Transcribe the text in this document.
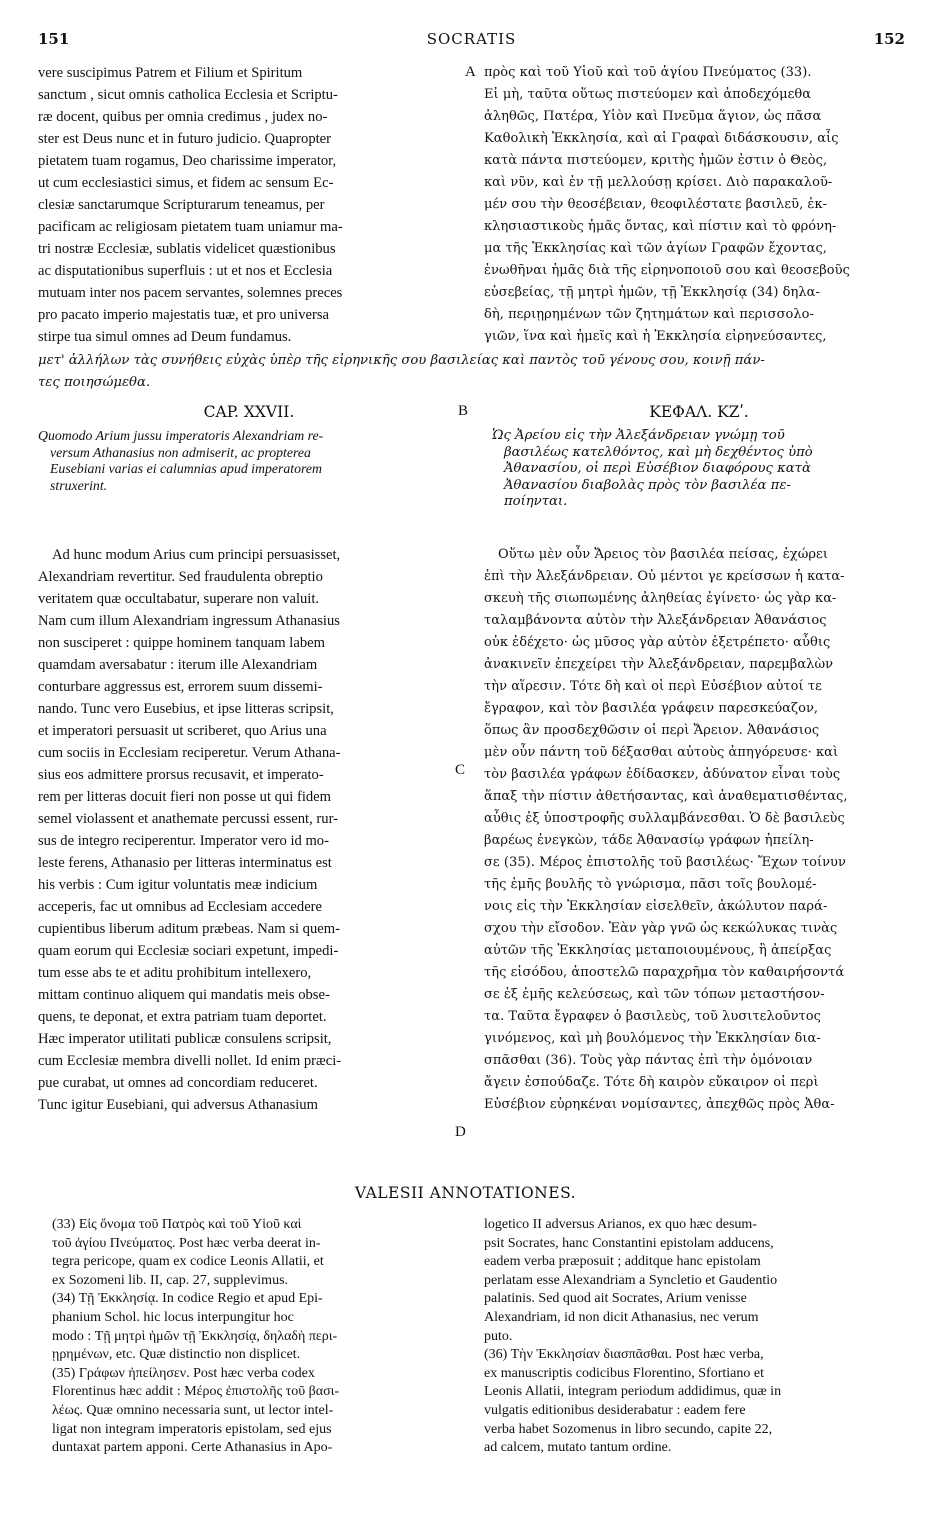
151	SOCRATIS	152
vere suscipimus Patrem et Filium et Spiritum
sanctum , sicut omnis catholica Ecclesia et Scriptu-
ræ docent, quibus per omnia credimus , judex no-
ster est Deus nunc et in futuro judicio. Quapropter
pietatem tuam rogamus, Deo charissime imperator,
ut cum ecclesiastici simus, et fidem ac sensum Ec-
clesiæ sanctarumque Scripturarum teneamus, per
pacificam ac religiosam pietatem tuam uniamur ma-
tri nostræ Ecclesiæ, sublatis videlicet quæstionibus
ac disputationibus superfluis : ut et nos et Ecclesia
mutuam inter nos pacem servantes, solemnes preces
pro pacato imperio majestatis tuæ, et pro universa
stirpe tua simul omnes ad Deum fundamus.
πρὸς καὶ τοῦ Υἱοῦ καὶ τοῦ ἁγίου Πνεύματος (33).
Εἰ μὴ, ταῦτα οὕτως πιστεύομεν καὶ ἀποδεχόμεθα
ἀληθῶς, Πατέρα, Υἱὸν καὶ Πνεῦμα ἅγιον, ὡς πᾶσα
Καθολικὴ Ἐκκλησία, καὶ αἱ Γραφαὶ διδάσκουσιν, αἷς
κατὰ πάντα πιστεύομεν, κριτὴς ἡμῶν ἐστιν ὁ Θεὸς,
καὶ νῦν, καὶ ἐν τῇ μελλούσῃ κρίσει. Διὸ παρακαλοῦ-
μέν σου τὴν θεοσέβειαν, θεοφιλέστατε βασιλεῦ, ἐκ-
κλησιαστικοὺς ἡμᾶς ὄντας, καὶ πίστιν καὶ τὸ φρόνη-
μα τῆς Ἐκκλησίας καὶ τῶν ἁγίων Γραφῶν ἔχοντας,
ἑνωθῆναι ἡμᾶς διὰ τῆς εἰρηνοποιοῦ σου καὶ θεοσεβοῦς
εὐσεβείας, τῇ μητρὶ ἡμῶν, τῇ Ἐκκλησίᾳ (34) δηλα-
δὴ, περιῃρημένων τῶν ζητημάτων καὶ περισσολο-
γιῶν, ἵνα καὶ ἡμεῖς καὶ ἡ Ἐκκλησία εἰρηνεύσαντες,
A
μετ' ἀλλήλων τὰς συνήθεις εὐχὰς ὑπὲρ τῆς εἰρηνικῆς σου βασιλείας καὶ παντὸς τοῦ γένους σου, κοινῇ πάν-
τες ποιησώμεθα.
CAP. XXVII.
Quomodo Arium jussu imperatoris Alexandriam re-
versum Athanasius non admiserit, ac propterea
Eusebiani varias ei calumnias apud imperatorem
struxerint.
B	ΚΕΦΑΛ. ΚΖʹ.
Ὡς Ἀρείου εἰς τὴν Ἀλεξάνδρειαν γνώμῃ τοῦ
βασιλέως κατελθόντος, καὶ μὴ δεχθέντος ὑπὸ
Ἀθανασίου, οἱ περὶ Εὐσέβιον διαφόρους κατὰ
Ἀθανασίου διαβολὰς πρὸς τὸν βασιλέα πε-
ποίηνται.
Ad hunc modum Arius cum principi persuasisset,
Alexandriam revertitur. Sed fraudulenta obreptio
veritatem quæ occultabatur, superare non valuit.
Nam cum illum Alexandriam ingressum Athanasius
non susciperet : quippe hominem tanquam labem
quamdam aversabatur : iterum ille Alexandriam
conturbare aggressus est, errorem suum dissemi-
nando. Tunc vero Eusebius, et ipse litteras scripsit,
et imperatori persuasit ut scriberet, quo Arius una
cum sociis in Ecclesiam reciperetur. Verum Athana-
sius eos admittere prorsus recusavit, et imperato-
rem per litteras docuit fieri non posse ut qui fidem
semel violassent et anathemate percussi essent, rur-
sus de integro reciperentur. Imperator vero id mo-
leste ferens, Athanasio per litteras interminatus est
his verbis : Cum igitur voluntatis meæ indicium
acceperis, fac ut omnibus ad Ecclesiam accedere
cupientibus liberum aditum præbeas. Nam si quem-
quam eorum qui Ecclesiæ sociari expetunt, impedi-
tum esse abs te et aditu prohibitum intellexero,
mittam continuo aliquem qui mandatis meis obse-
quens, te deponat, et extra patriam tuam deportet.
Hæc imperator utilitati publicæ consulens scripsit,
cum Ecclesiæ membra divelli nollet. Id enim præci-
pue curabat, ut omnes ad concordiam reduceret.
Tunc igitur Eusebiani, qui adversus Athanasium
Οὕτω μὲν οὖν Ἄρειος τὸν βασιλέα πείσας, ἐχώρει
ἐπὶ τὴν Ἀλεξάνδρειαν. Οὐ μέντοι γε κρείσσων ἡ κατα-
σκευὴ τῆς σιωπωμένης ἀληθείας ἐγίνετο· ὡς γὰρ κα-
ταλαμβάνοντα αὐτὸν τὴν Ἀλεξάνδρειαν Ἀθανάσιος
οὐκ ἐδέχετο· ὡς μῦσος γὰρ αὐτὸν ἐξετρέπετο· αὖθις
ἀνακινεῖν ἐπεχείρει τὴν Ἀλεξάνδρειαν, παρεμβαλὼν
τὴν αἵρεσιν. Τότε δὴ καὶ οἱ περὶ Εὐσέβιον αὐτοί τε
ἔγραφον, καὶ τὸν βασιλέα γράφειν παρεσκεύαζον,
ὅπως ἂν προσδεχθῶσιν οἱ περὶ Ἄρειον. Ἀθανάσιος
μὲν οὖν πάντη τοῦ δέξασθαι αὐτοὺς ἀπηγόρευσε· καὶ
τὸν βασιλέα γράφων ἐδίδασκεν, ἀδύνατον εἶναι τοὺς
ἅπαξ τὴν πίστιν ἀθετήσαντας, καὶ ἀναθεματισθέντας,
αὖθις ἐξ ὑποστροφῆς συλλαμβάνεσθαι. Ὁ δὲ βασιλεὺς
βαρέως ἐνεγκὼν, τάδε Ἀθανασίῳ γράφων ἠπείλη-
σε (35). Μέρος ἐπιστολῆς τοῦ βασιλέως· Ἔχων τοίνυν
τῆς ἐμῆς βουλῆς τὸ γνώρισμα, πᾶσι τοῖς βουλομέ-
νοις εἰς τὴν Ἐκκλησίαν εἰσελθεῖν, ἀκώλυτον παρά-
σχου τὴν εἴσοδον. Ἐὰν γὰρ γνῶ ὡς κεκώλυκας τινὰς
αὐτῶν τῆς Ἐκκλησίας μεταποιουμένους, ἢ ἀπείρξας
τῆς εἰσόδου, ἀποστελῶ παραχρῆμα τὸν καθαιρήσοντά
σε ἐξ ἐμῆς κελεύσεως, καὶ τῶν τόπων μεταστήσον-
τα. Ταῦτα ἔγραφεν ὁ βασιλεὺς, τοῦ λυσιτελοῦντος
γινόμενος, καὶ μὴ βουλόμενος τὴν Ἐκκλησίαν δια-
σπᾶσθαι (36). Τοὺς γὰρ πάντας ἐπὶ τὴν ὁμόνοιαν
ἄγειν ἐσπούδαζε. Τότε δὴ καιρὸν εὔκαιρον οἱ περὶ
Εὐσέβιον εὑρηκέναι νομίσαντες, ἀπεχθῶς πρὸς Ἀθα-
C
D
VALESII ANNOTATIONES.
(33) Εἰς ὄνομα τοῦ Πατρὸς καὶ τοῦ Υἱοῦ καὶ
τοῦ ἁγίου Πνεύματος. Post hæc verba deerat in-
tegra pericope, quam ex codice Leonis Allatii, et
ex Sozomeni lib. II, cap. 27, supplevimus.
(34) Τῇ Ἐκκλησίᾳ. In codice Regio et apud Epi-
phanium Schol. hic locus interpungitur hoc
modo : Τῇ μητρὶ ἡμῶν τῇ Ἐκκλησίᾳ, δηλαδὴ περι-
ῃρημένων, etc. Quæ distinctio non displicet.
(35) Γράφων ἠπείλησεν. Post hæc verba codex
Florentinus hæc addit : Μέρος ἐπιστολῆς τοῦ βασι-
λέως. Quæ omnino necessaria sunt, ut lector intel-
ligat non integram imperatoris epistolam, sed ejus
duntaxat partem apponi. Certe Athanasius in Apo-
logetico II adversus Arianos, ex quo hæc desum-
psit Socrates, hanc Constantini epistolam adducens,
eadem verba præposuit ; additque hanc epistolam
perlatam esse Alexandriam a Syncletio et Gaudentio
palatinis. Sed quod ait Socrates, Arium venisse
Alexandriam, id non dicit Athanasius, nec verum
puto.
(36) Τὴν Ἐκκλησίαν διασπᾶσθαι. Post hæc verba,
ex manuscriptis codicibus Florentino, Sfortiano et
Leonis Allatii, integram periodum addidimus, quæ in
vulgatis editionibus desiderabatur : eadem fere
verba habet Sozomenus in libro secundo, capite 22,
ad calcem, mutato tantum ordine.
